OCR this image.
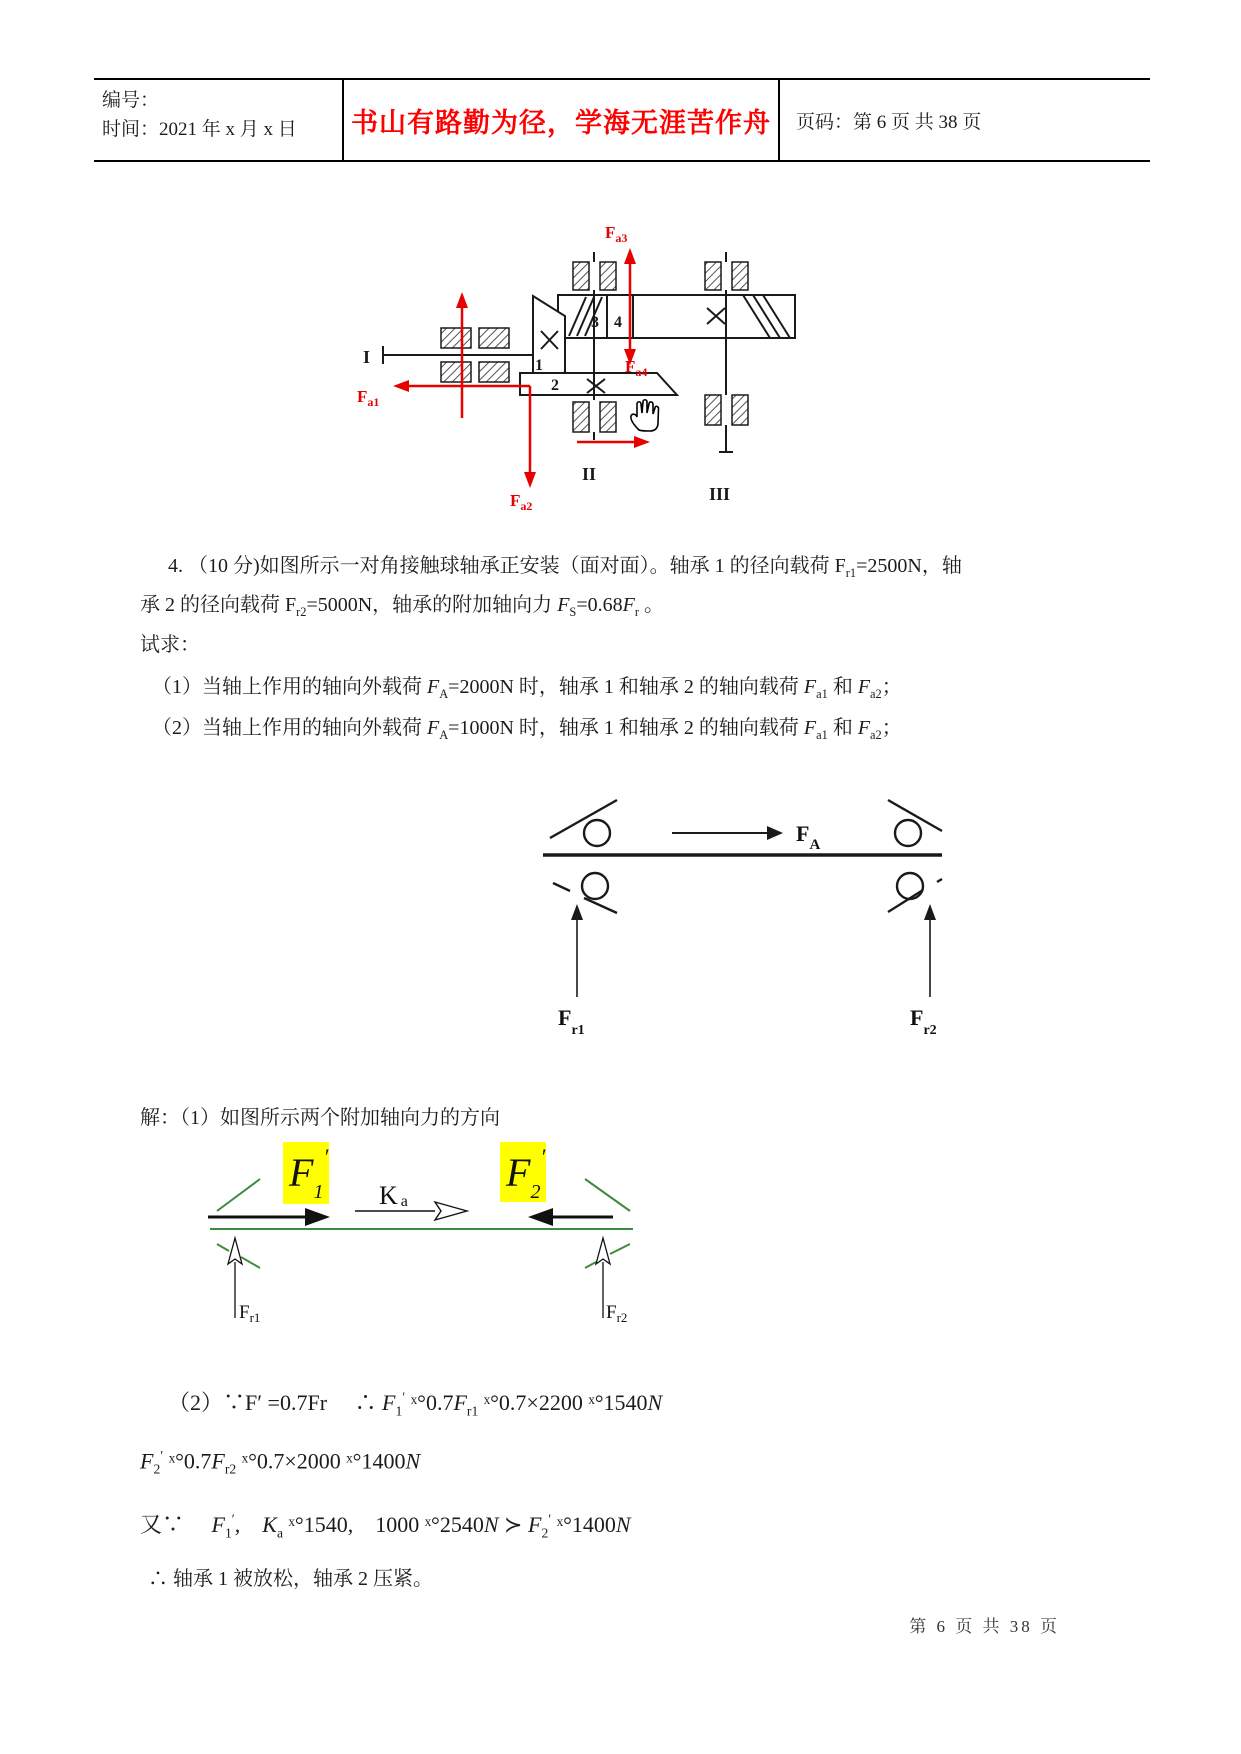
编号：
时间：2021 年 x 月 x 日	书山有路勤为径，学海无涯苦作舟 页码：第 6 页 共 38 页
$F_{a3}$
$F_{a4}$
$F_{a1}$
$F_{a2}$
I
II
III
1
2
3 4
4. （10 分)如图所示一对角接触球轴承正安装（面对面）。轴承 1 的径向载荷 $F_{r1}=2500N$，轴
承 2 的径向载荷 $F_{r2}=5000N$，轴承的附加轴向力 $F_S=0.68F_r$ 。
试求：
（1）当轴上作用的轴向外载荷 $F_A=2000N$ 时，轴承 1 和轴承 2 的轴向载荷 $F_{a1}$ 和 $F_{a2}$；
（2）当轴上作用的轴向外载荷 $F_A=1000N$ 时，轴承 1 和轴承 2 的轴向载荷 $F_{a1}$ 和 $F_{a2}$；
$F_A$
$F_{r1}$
$F_{r2}$
解：（1）如图所示两个附加轴向力的方向
$F_1'$	$F_2'$
Ka
$F_{r1}$	$F_{r2}$
（2）∵F′ =0.7Fr　 ∴ $F_1'$ $ˣ^\circ 0.7F_{r1}$ ˣ°0.7×2200 ˣ°1540N
$F_2'$ $ˣ^\circ 0.7F_{r2}$ ˣ°0.7×2000 ˣ°1400N
又∵　 $F_1'$,　$K_a$ ˣ°1540,　1000 ˣ°2540N ≻ $F_2'$ ˣ°1400N
∴ 轴承 1 被放松，轴承 2 压紧。
第 6 页 共 38 页
